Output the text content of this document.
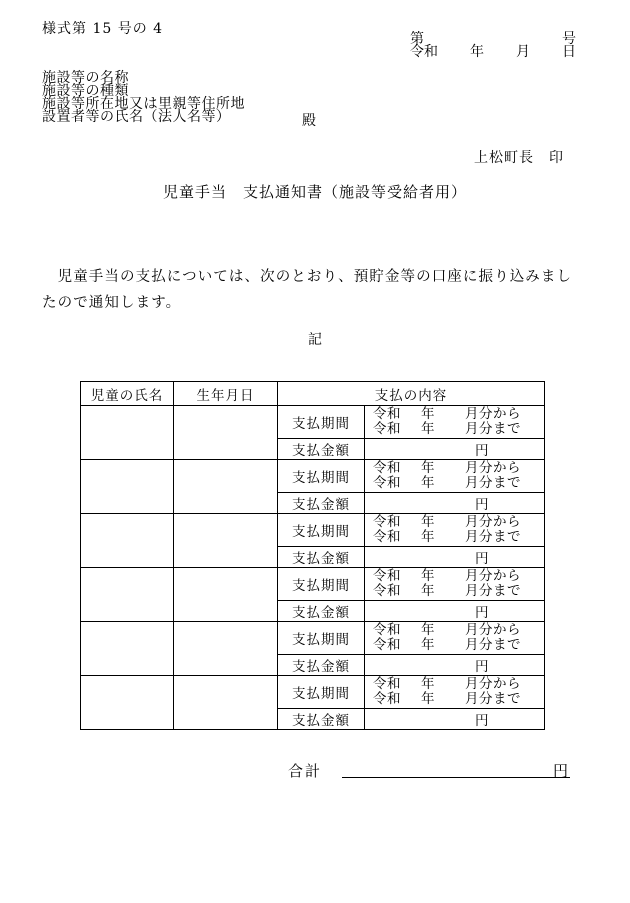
様式第 15 号の 4
第	号
令和 年 月 日
施設等の名称
施設等の種類
施設等所在地又は里親等住所地
設置者等の氏名（法人名等）	殿
上松町長　印
児童手当　支払通知書（施設等受給者用）
　児童手当の支払については、次のとおり、預貯金等の口座に振り込みましたので通知します。
記
児童の氏名	生年月日	支払の内容	
		支払期間	令和 年 月分から
令和 年 月分まで

		支払金額	円
		支払期間	令和 年 月分から
令和 年 月分まで

		支払金額	円
		支払期間	令和 年 月分から
令和 年 月分まで

		支払金額	円
		支払期間	令和 年 月分から
令和 年 月分まで

		支払金額	円
		支払期間	令和 年 月分から
令和 年 月分まで

		支払金額	円
		支払期間	令和 年 月分から
令和 年 月分まで

		支払金額	円
合計	円
